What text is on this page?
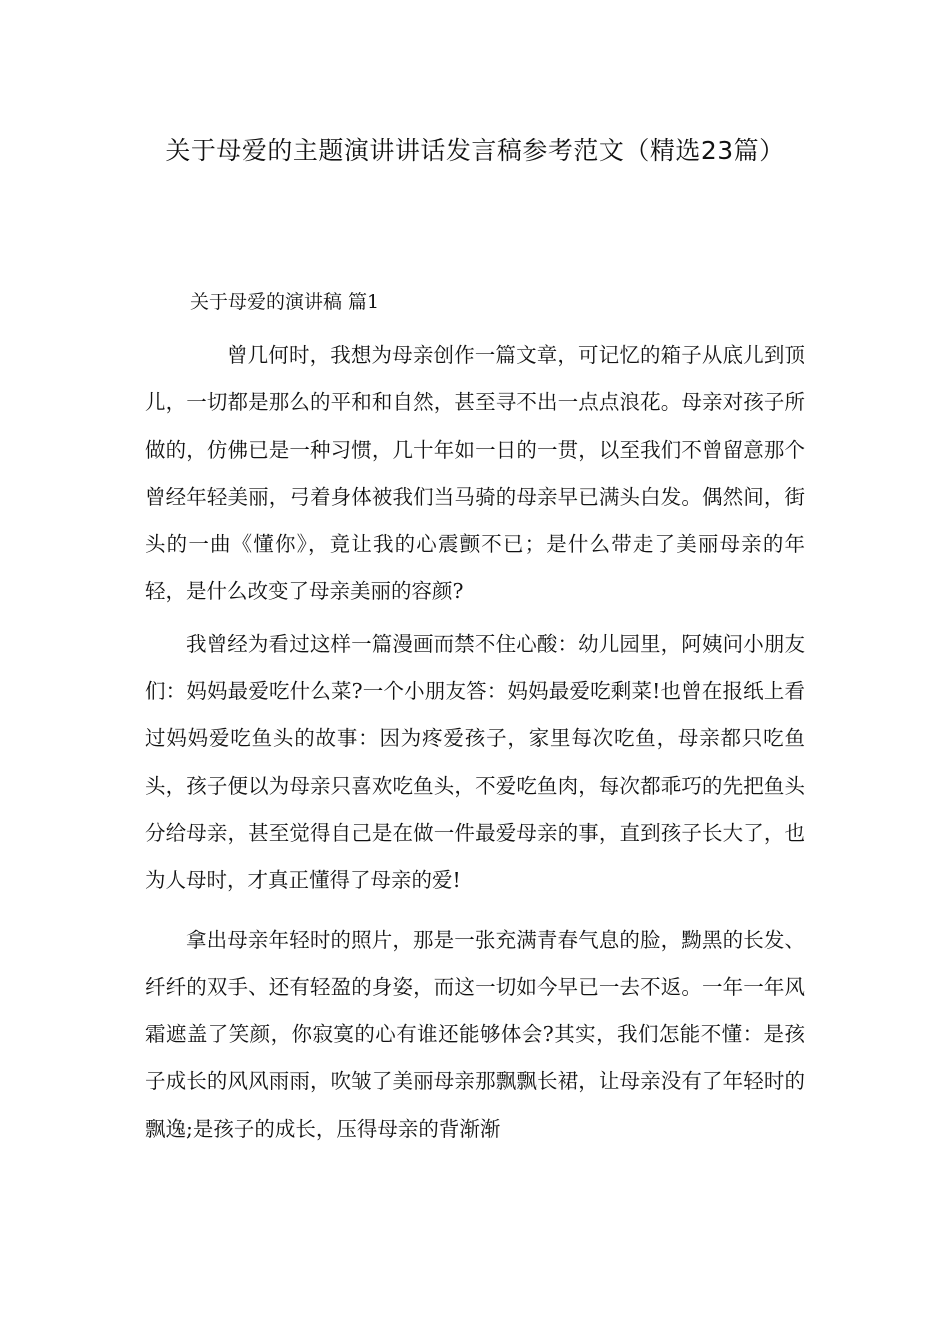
关于母爱的主题演讲讲话发言稿参考范文（精选23篇）
关于母爱的演讲稿 篇1

曾几何时，我想为母亲创作一篇文章，可记忆的箱子从底儿到顶儿，一切都是那么的平和和自然，甚至寻不出一点点浪花。母亲对孩子所做的，仿佛已是一种习惯，几十年如一日的一贯，以至我们不曾留意那个曾经年轻美丽，弓着身体被我们当马骑的母亲早已满头白发。偶然间，街头的一曲《懂你》，竟让我的心震颤不已；是什么带走了美丽母亲的年轻，是什么改变了母亲美丽的容颜?

我曾经为看过这样一篇漫画而禁不住心酸：幼儿园里，阿姨问小朋友们：妈妈最爱吃什么菜?一个小朋友答：妈妈最爱吃剩菜!也曾在报纸上看过妈妈爱吃鱼头的故事：因为疼爱孩子，家里每次吃鱼，母亲都只吃鱼头，孩子便以为母亲只喜欢吃鱼头，不爱吃鱼肉，每次都乖巧的先把鱼头分给母亲，甚至觉得自己是在做一件最爱母亲的事，直到孩子长大了，也为人母时，才真正懂得了母亲的爱!

拿出母亲年轻时的照片，那是一张充满青春气息的脸，黝黑的长发、纤纤的双手、还有轻盈的身姿，而这一切如今早已一去不返。一年一年风霜遮盖了笑颜，你寂寞的心有谁还能够体会?其实，我们怎能不懂：是孩子成长的风风雨雨，吹皱了美丽母亲那飘飘长裙，让母亲没有了年轻时的飘逸;是孩子的成长，压得母亲的背渐渐
